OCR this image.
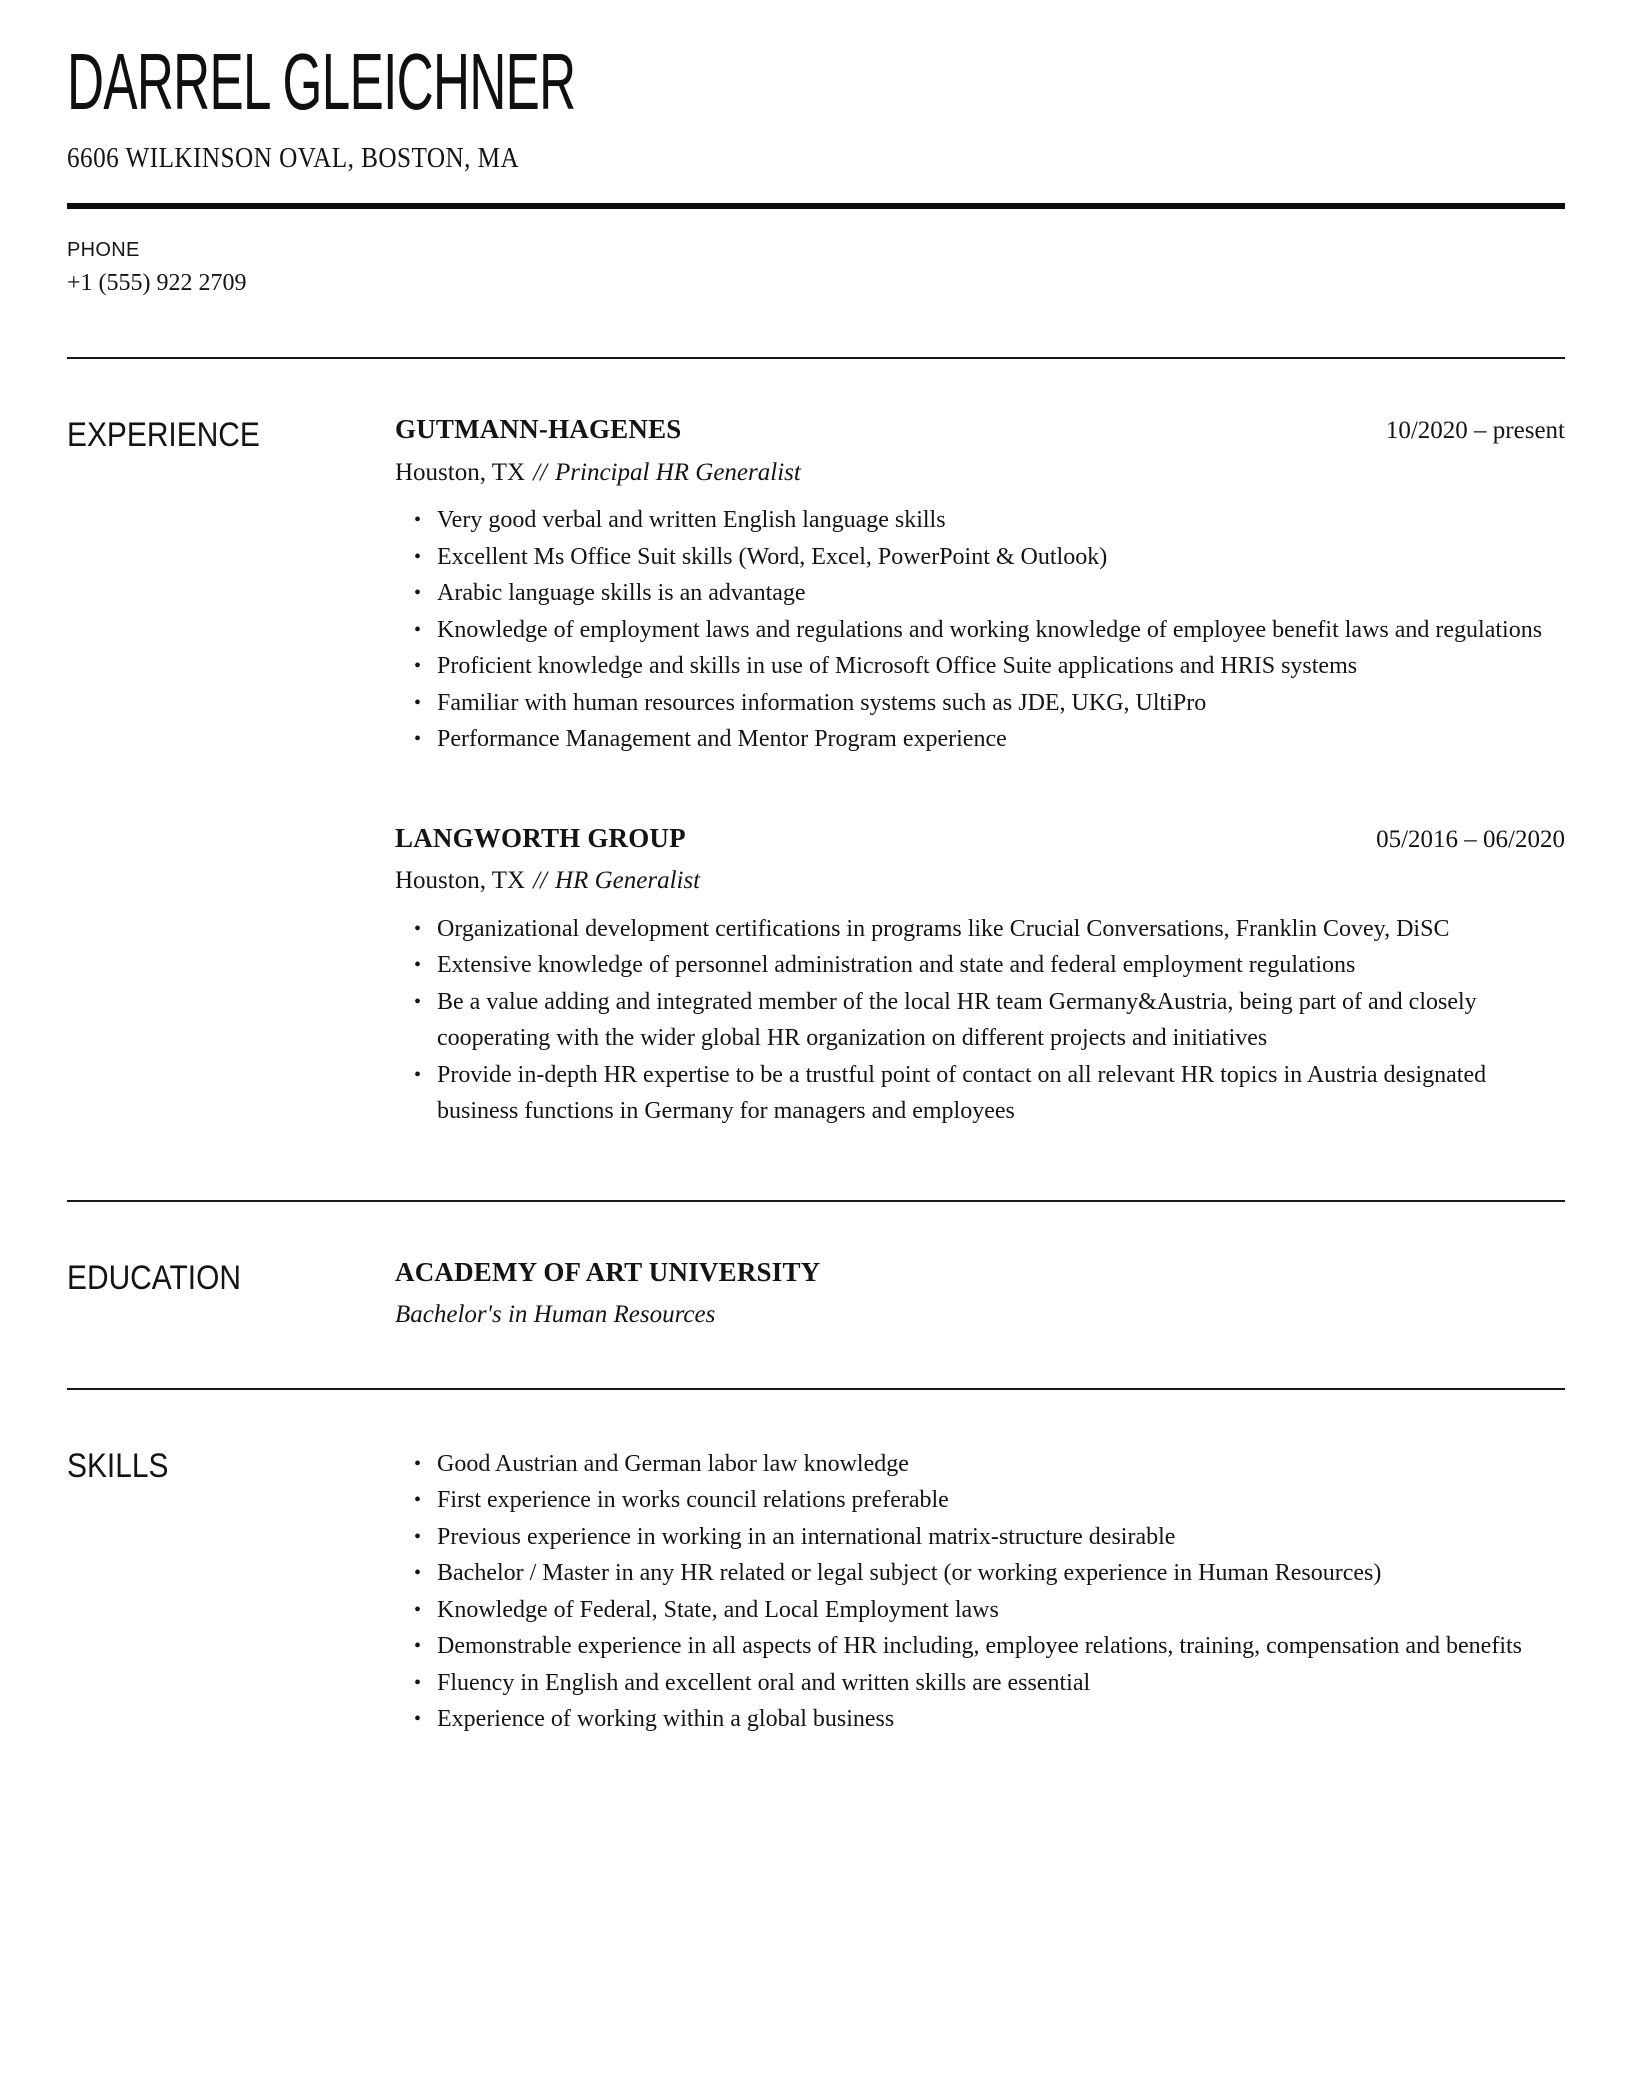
DARREL GLEICHNER
6606 WILKINSON OVAL, BOSTON, MA
PHONE
+1 (555) 922 2709
EXPERIENCE	GUTMANN-HAGENES	10/2020 – present
Houston, TX // Principal HR Generalist
• Very good verbal and written English language skills
• Excellent Ms Office Suit skills (Word, Excel, PowerPoint & Outlook)
• Arabic language skills is an advantage
• Knowledge of employment laws and regulations and working knowledge of employee benefit laws and regulations
• Proficient knowledge and skills in use of Microsoft Office Suite applications and HRIS systems
• Familiar with human resources information systems such as JDE, UKG, UltiPro
• Performance Management and Mentor Program experience
LANGWORTH GROUP	05/2016 – 06/2020
Houston, TX // HR Generalist
• Organizational development certifications in programs like Crucial Conversations, Franklin Covey, DiSC
• Extensive knowledge of personnel administration and state and federal employment regulations
• Be a value adding and integrated member of the local HR team Germany&Austria, being part of and closely cooperating with the wider global HR organization on different projects and initiatives
• Provide in-depth HR expertise to be a trustful point of contact on all relevant HR topics in Austria designated business functions in Germany for managers and employees
EDUCATION	ACADEMY OF ART UNIVERSITY
Bachelor's in Human Resources
SKILLS	• Good Austrian and German labor law knowledge
• First experience in works council relations preferable
• Previous experience in working in an international matrix-structure desirable
• Bachelor / Master in any HR related or legal subject (or working experience in Human Resources)
• Knowledge of Federal, State, and Local Employment laws
• Demonstrable experience in all aspects of HR including, employee relations, training, compensation and benefits
• Fluency in English and excellent oral and written skills are essential
• Experience of working within a global business
